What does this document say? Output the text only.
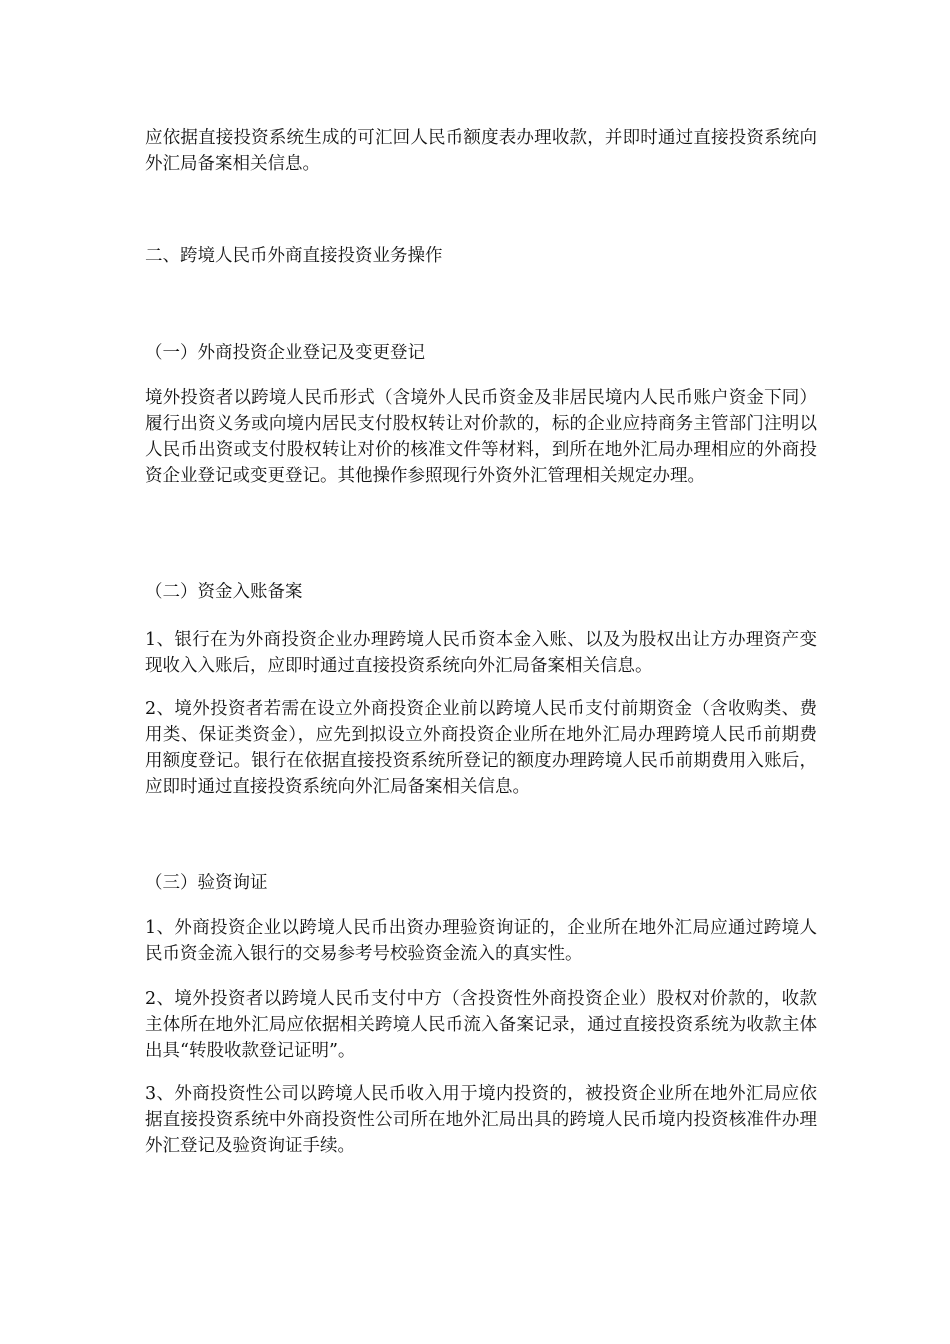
应依据直接投资系统生成的可汇回人民币额度表办理收款，并即时通过直接投资系统向外汇局备案相关信息。

二、跨境人民币外商直接投资业务操作

（一）外商投资企业登记及变更登记

境外投资者以跨境人民币形式（含境外人民币资金及非居民境内人民币账户资金下同）履行出资义务或向境内居民支付股权转让对价款的，标的企业应持商务主管部门注明以人民币出资或支付股权转让对价的核准文件等材料，到所在地外汇局办理相应的外商投资企业登记或变更登记。其他操作参照现行外资外汇管理相关规定办理。

（二）资金入账备案

1、银行在为外商投资企业办理跨境人民币资本金入账、以及为股权出让方办理资产变现收入入账后，应即时通过直接投资系统向外汇局备案相关信息。

2、境外投资者若需在设立外商投资企业前以跨境人民币支付前期资金（含收购类、费用类、保证类资金），应先到拟设立外商投资企业所在地外汇局办理跨境人民币前期费用额度登记。银行在依据直接投资系统所登记的额度办理跨境人民币前期费用入账后，应即时通过直接投资系统向外汇局备案相关信息。

（三）验资询证

1、外商投资企业以跨境人民币出资办理验资询证的，企业所在地外汇局应通过跨境人民币资金流入银行的交易参考号校验资金流入的真实性。

2、境外投资者以跨境人民币支付中方（含投资性外商投资企业）股权对价款的，收款主体所在地外汇局应依据相关跨境人民币流入备案记录，通过直接投资系统为收款主体出具“转股收款登记证明”。

3、外商投资性公司以跨境人民币收入用于境内投资的，被投资企业所在地外汇局应依据直接投资系统中外商投资性公司所在地外汇局出具的跨境人民币境内投资核准件办理外汇登记及验资询证手续。
